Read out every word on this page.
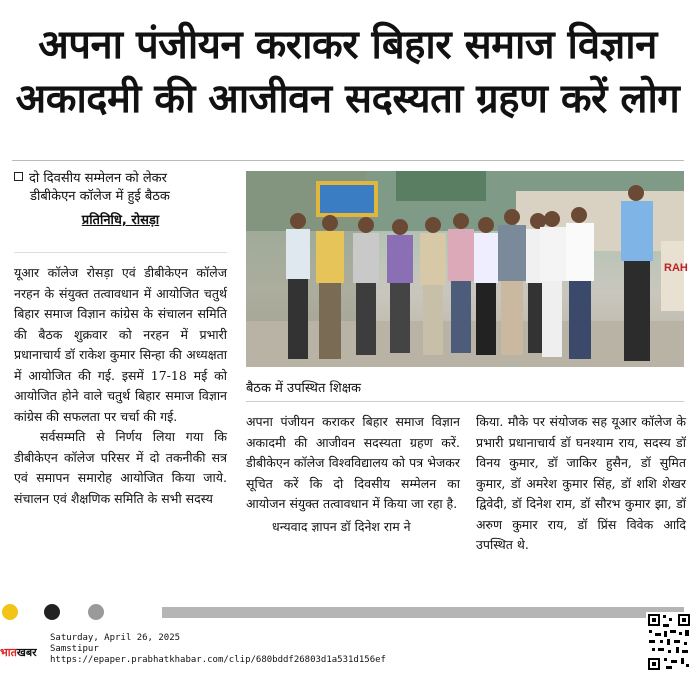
अपना पंजीयन कराकर बिहार समाज विज्ञान
अकादमी की आजीवन सदस्यता ग्रहण करें लोग
दो दिवसीय सम्मेलन को लेकर
डीबीकेएन कॉलेज में हुई बैठक
प्रतिनिधि, रोसड़ा

यूआर कॉलेज रोसड़ा एवं डीबीकेएन कॉलेज नरहन के संयुक्त तत्वावधान में आयोजित चतुर्थ बिहार समाज विज्ञान कांग्रेस के संचालन समिति की बैठक शुक्रवार को नरहन में प्रभारी प्रधानाचार्य डॉ राकेश कुमार सिन्हा की अध्यक्षता में आयोजित की गई. इसमें 17-18 मई को आयोजित होने वाले चतुर्थ बिहार समाज विज्ञान कांग्रेस की सफलता पर चर्चा की गई.

सर्वसम्मति से निर्णय लिया गया कि डीबीकेएन कॉलेज परिसर में दो तकनीकी सत्र एवं समापन समारोह आयोजित किया जाये. संचालन एवं शैक्षणिक समिति के सभी सदस्य

RAH
बैठक में उपस्थित शिक्षक

अपना पंजीयन कराकर बिहार समाज विज्ञान अकादमी की आजीवन सदस्यता ग्रहण करें. डीबीकेएन कॉलेज विश्वविद्यालय को पत्र भेजकर सूचित करें कि दो दिवसीय सम्मेलन का आयोजन संयुक्त तत्वावधान में किया जा रहा है.

धन्यवाद ज्ञापन डॉ दिनेश राम ने

किया. मौके पर संयोजक सह यूआर कॉलेज के प्रभारी प्रधानाचार्य डॉ घनश्याम राय, सदस्य डॉ विनय कुमार, डॉ जाकिर हुसैन, डॉ सुमित कुमार, डॉ अमरेश कुमार सिंह, डॉ शशि शेखर द्विवेदी, डॉ दिनेश राम, डॉ सौरभ कुमार झा, डॉ अरुण कुमार राय, डॉ प्रिंस विवेक आदि उपस्थित थे.

भातखबर
Saturday, April 26, 2025
Samstipur
https://epaper.prabhatkhabar.com/clip/680bddf26803d1a531d156ef
